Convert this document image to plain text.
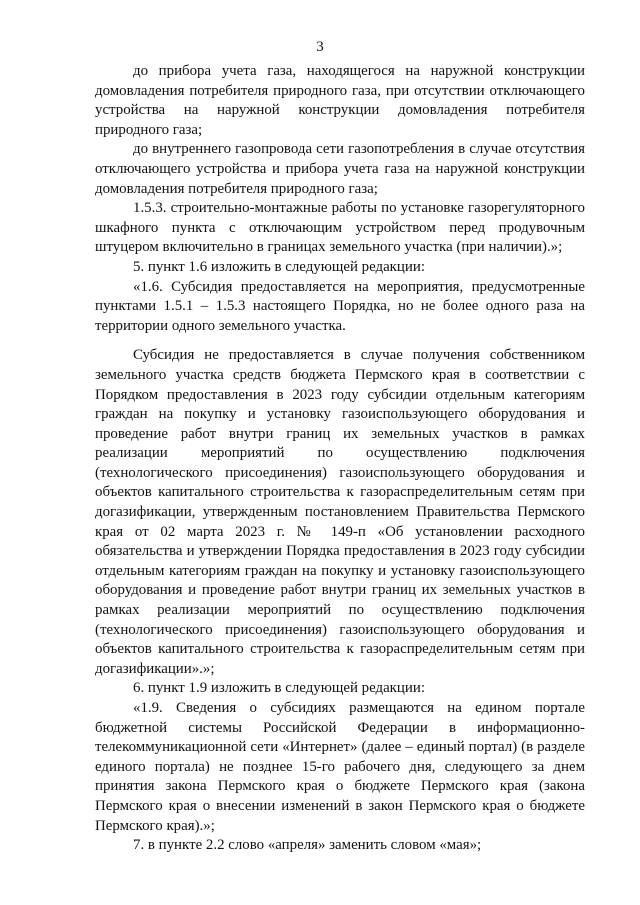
3

до прибора учета газа, находящегося на наружной конструкции домовладения потребителя природного газа, при отсутствии отключающего устройства на наружной конструкции домовладения потребителя природного газа;

до внутреннего газопровода сети газопотребления в случае отсутствия отключающего устройства и прибора учета газа на наружной конструкции домовладения потребителя природного газа;

1.5.3. строительно-монтажные работы по установке газорегуляторного шкафного пункта с отключающим устройством перед продувочным штуцером включительно в границах земельного участка (при наличии).»;

5. пункт 1.6 изложить в следующей редакции:

«1.6. Субсидия предоставляется на мероприятия, предусмотренные пунктами 1.5.1 – 1.5.3 настоящего Порядка, но не более одного раза на территории одного земельного участка.

Субсидия не предоставляется в случае получения собственником земельного участка средств бюджета Пермского края в соответствии с Порядком предоставления в 2023 году субсидии отдельным категориям граждан на покупку и установку газоиспользующего оборудования и проведение работ внутри границ их земельных участков в рамках реализации мероприятий по осуществлению подключения (технологического присоединения) газоиспользующего оборудования и объектов капитального строительства к газораспределительным сетям при догазификации, утвержденным постановлением Правительства Пермского края от 02 марта 2023 г. № 149-п «Об установлении расходного обязательства и утверждении Порядка предоставления в 2023 году субсидии отдельным категориям граждан на покупку и установку газоиспользующего оборудования и проведение работ внутри границ их земельных участков в рамках реализации мероприятий по осуществлению подключения (технологического присоединения) газоиспользующего оборудования и объектов капитального строительства к газораспределительным сетям при догазификации».»;

6. пункт 1.9 изложить в следующей редакции:

«1.9. Сведения о субсидиях размещаются на едином портале бюджетной системы Российской Федерации в информационно-телекоммуникационной сети «Интернет» (далее – единый портал) (в разделе единого портала) не позднее 15-го рабочего дня, следующего за днем принятия закона Пермского края о бюджете Пермского края (закона Пермского края о внесении изменений в закон Пермского края о бюджете Пермского края).»;

7. в пункте 2.2 слово «апреля» заменить словом «мая»;
